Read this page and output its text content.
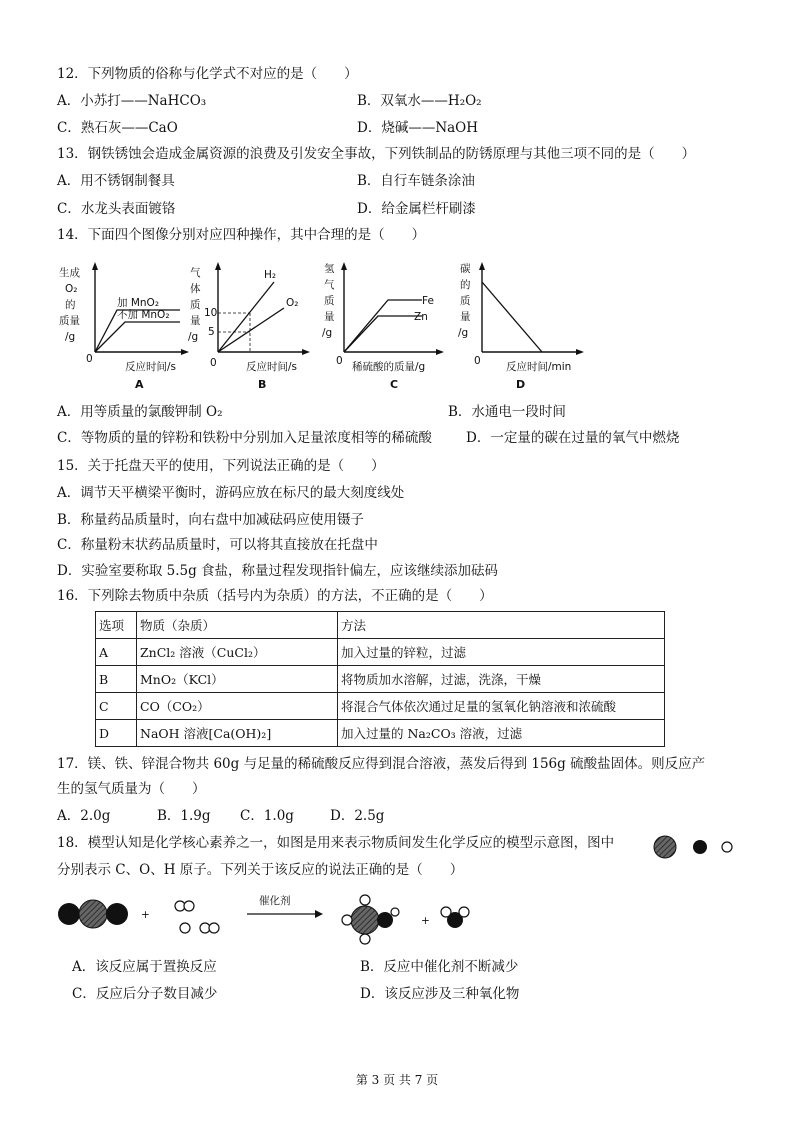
12．下列物质的俗称与化学式不对应的是（　　）
A．小苏打——NaHCO₃	B．双氧水——H₂O₂
C．熟石灰——CaO	D．烧碱——NaOH
13．钢铁锈蚀会造成金属资源的浪费及引发安全事故，下列铁制品的防锈原理与其他三项不同的是（　　）
A．用不锈钢制餐具	B．自行车链条涂油
C．水龙头表面镀铬	D．给金属栏杆刷漆
14．下面四个图像分别对应四种操作，其中合理的是（　　）
生成
O₂
的
质量
/g
0
加 MnO₂
不加 MnO₂
反应时间/s
A
气
体
质
量
/g
0
10
5
H₂
O₂
反应时间/s
B
氢
气
质
量
/g
0
Fe
Zn
稀硫酸的质量/g
C
碳
的
质
量
/g
0 反应时间/min
D
A．用等质量的氯酸钾制 O₂	B．水通电一段时间
C．等物质的量的锌粉和铁粉中分别加入足量浓度相等的稀硫酸	D．一定量的碳在过量的氧气中燃烧
15．关于托盘天平的使用，下列说法正确的是（　　）
A．调节天平横梁平衡时，游码应放在标尺的最大刻度线处
B．称量药品质量时，向右盘中加减砝码应使用镊子
C．称量粉末状药品质量时，可以将其直接放在托盘中
D．实验室要称取 5.5g 食盐，称量过程发现指针偏左，应该继续添加砝码
16．下列除去物质中杂质（括号内为杂质）的方法，不正确的是（　　）
选项	物质（杂质）	方法
A	ZnCl₂ 溶液（CuCl₂）	加入过量的锌粒，过滤
B	MnO₂（KCl）	将物质加水溶解，过滤，洗涤，干燥
C	CO（CO₂）	将混合气体依次通过足量的氢氧化钠溶液和浓硫酸
D	NaOH 溶液[Ca(OH)₂]	加入过量的 Na₂CO₃ 溶液，过滤
17．镁、铁、锌混合物共 60g 与足量的稀硫酸反应得到混合溶液，蒸发后得到 156g 硫酸盐固体。则反应产
生的氢气质量为（　　）
A．2.0g	B．1.9g C．1.0g	D．2.5g
18．模型认知是化学核心素养之一，如图是用来表示物质间发生化学反应的模型示意图，图中
分别表示 C、O、H 原子。下列关于该反应的说法正确的是（　　）
+
催化剂
+
A．该反应属于置换反应	B．反应中催化剂不断减少
C．反应后分子数目减少	D．该反应涉及三种氧化物
第 3 页 共 7 页
